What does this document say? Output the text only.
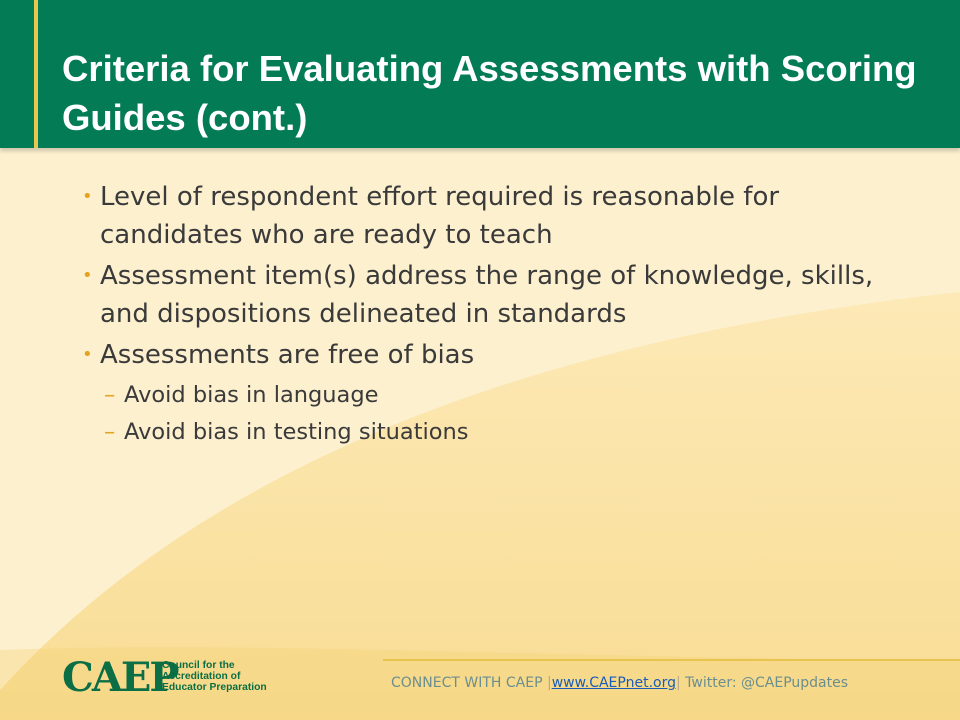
Criteria for Evaluating Assessments with Scoring Guides (cont.)
• Level of respondent effort required is reasonable for candidates who are ready to teach
• Assessment item(s) address the range of knowledge, skills, and dispositions delineated in standards
• Assessments are free of bias
– Avoid bias in language
– Avoid bias in testing situations
CAEP
Council for the
Accreditation of
Educator Preparation	CONNECT WITH CAEP |www.CAEPnet.org| Twitter: @CAEPupdates
